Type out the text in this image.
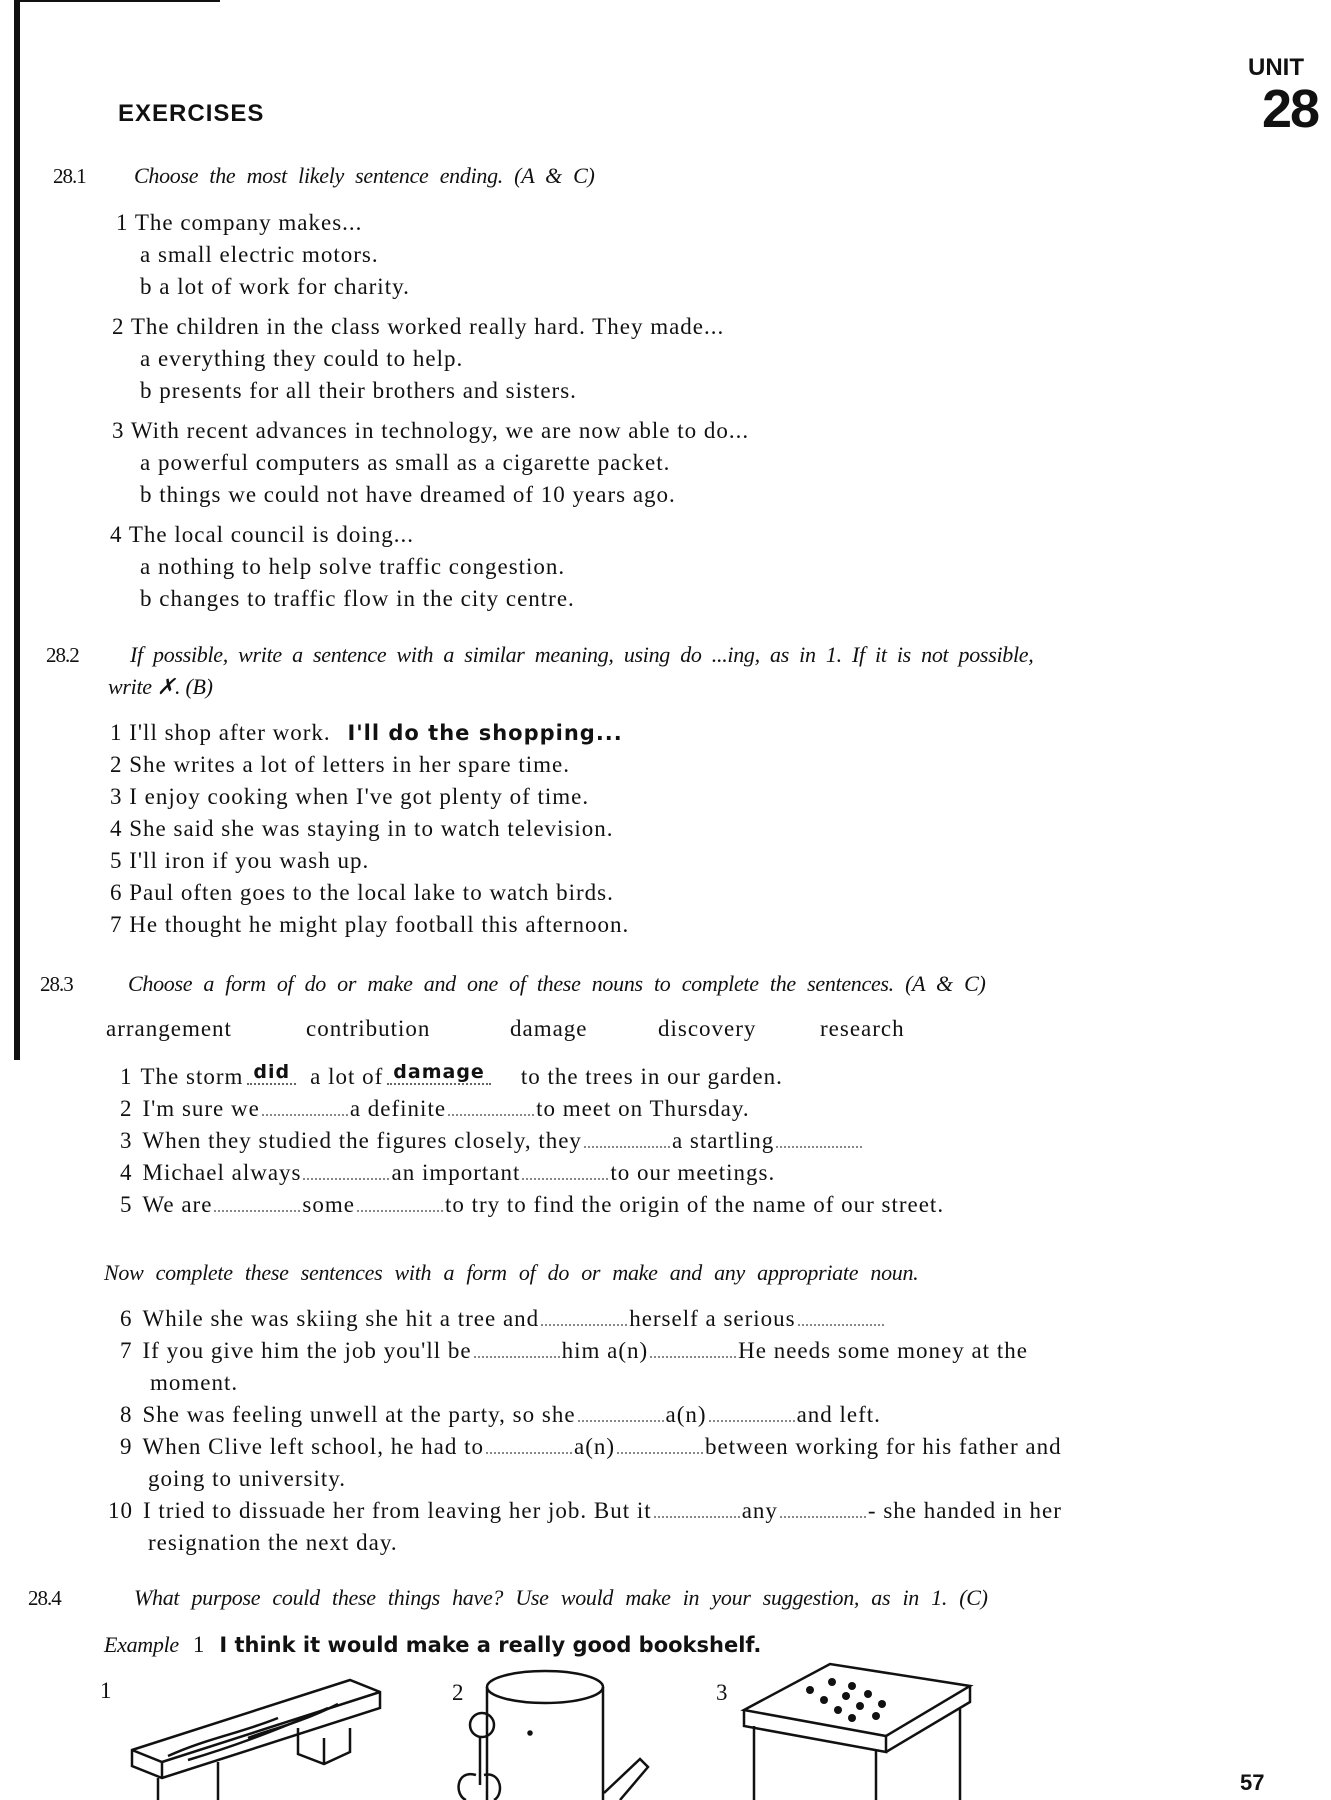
UNIT
28
EXERCISES
28.1 Choose the most likely sentence ending. (A & C)
1 The company makes...
a small electric motors.
b a lot of work for charity.
2 The children in the class worked really hard. They made...
a everything they could to help.
b presents for all their brothers and sisters.
3 With recent advances in technology, we are now able to do...
a powerful computers as small as a cigarette packet.
b things we could not have dreamed of 10 years ago.
4 The local council is doing...
a nothing to help solve traffic congestion.
b changes to traffic flow in the city centre.
28.2 If possible, write a sentence with a similar meaning, using do ...ing, as in 1. If it is not possible,
write ✗. (B)
1 I'll shop after work. I'll do the shopping...
2 She writes a lot of letters in her spare time.
3 I enjoy cooking when I've got plenty of time.
4 She said she was staying in to watch television.
5 I'll iron if you wash up.
6 Paul often goes to the local lake to watch birds.
7 He thought he might play football this afternoon.
28.3	Choose a form of do or make and one of these nouns to complete the sentences. (A & C)
arrangement	contribution	damage	discovery	research
1 The storm did a lot of damage to the trees in our garden.
2 I'm sure we	a definite	to meet on Thursday.
3 When they studied the figures closely, they	a startling
4 Michael always	an important	to our meetings.
5 We are	some	to try to find the origin of the name of our street.
Now complete these sentences with a form of do or make and any appropriate noun.
6 While she was skiing she hit a tree and	herself a serious
7 If you give him the job you'll be	him a(n)	He needs some money at the
moment.
8 She was feeling unwell at the party, so she	a(n)	and left.
9 When Clive left school, he had to	a(n)	between working for his father and
going to university.
10 I tried to dissuade her from leaving her job. But it	any	- she handed in her
resignation the next day.
28.4	What purpose could these things have? Use would make in your suggestion, as in 1. (C)
Example 1 I think it would make a really good bookshelf.
1	2	3
57
